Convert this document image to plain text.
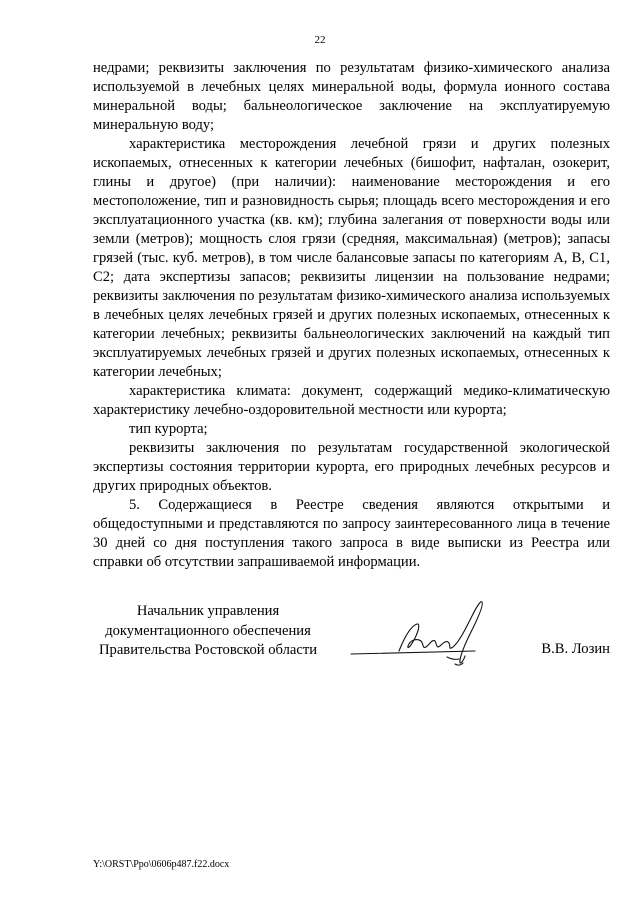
22

недрами; реквизиты заключения по результатам физико-химического анализа используемой в лечебных целях минеральной воды, формула ионного состава минеральной воды; бальнеологическое заключение на эксплуатируемую минеральную воду;

характеристика месторождения лечебной грязи и других полезных ископаемых, отнесенных к категории лечебных (бишофит, нафталан, озокерит, глины и другое) (при наличии): наименование месторождения и его местоположение, тип и разновидность сырья; площадь всего месторождения и его эксплуатационного участка (кв. км); глубина залегания от поверхности воды или земли (метров); мощность слоя грязи (средняя, максимальная) (метров); запасы грязей (тыс. куб. метров), в том числе балансовые запасы по категориям А, В, С1, С2; дата экспертизы запасов; реквизиты лицензии на пользование недрами; реквизиты заключения по результатам физико-химического анализа используемых в лечебных целях лечебных грязей и других полезных ископаемых, отнесенных к категории лечебных; реквизиты бальнеологических заключений на каждый тип эксплуатируемых лечебных грязей и других полезных ископаемых, отнесенных к категории лечебных;

характеристика климата: документ, содержащий медико-климатическую характеристику лечебно-оздоровительной местности или курорта;

тип курорта;

реквизиты заключения по результатам государственной экологической экспертизы состояния территории курорта, его природных лечебных ресурсов и других природных объектов.

5. Содержащиеся в Реестре сведения являются открытыми и общедоступными и представляются по запросу заинтересованного лица в течение 30 дней со дня поступления такого запроса в виде выписки из Реестра или справки об отсутствии запрашиваемой информации.

Начальник управления
документационного обеспечения
Правительства Ростовской области	В.В. Лозин
Y:\ORST\Ppo\0606p487.f22.docx
